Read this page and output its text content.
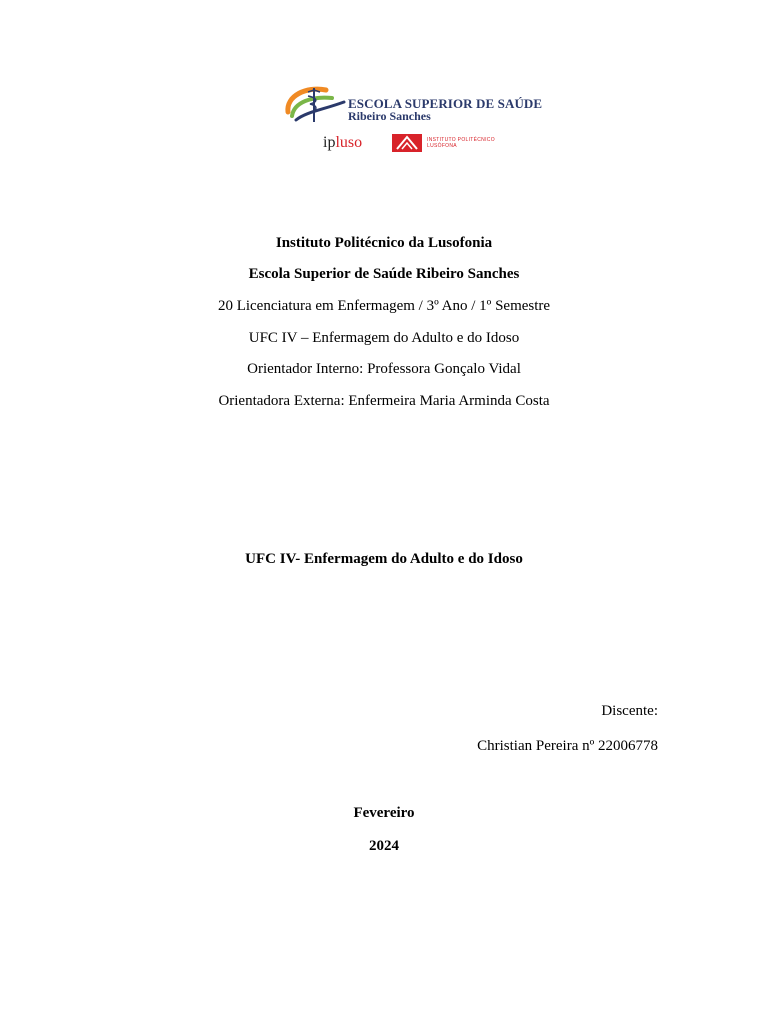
ESCOLA SUPERIOR DE SAÚDE
Ribeiro Sanches
ipluso	INSTITUTO POLITÉCNICO
LUSÓFONA
Instituto Politécnico da Lusofonia
Escola Superior de Saúde Ribeiro Sanches
20 Licenciatura em Enfermagem / 3º Ano / 1º Semestre
UFC IV – Enfermagem do Adulto e do Idoso
Orientador Interno: Professora Gonçalo Vidal
Orientadora Externa: Enfermeira Maria Arminda Costa
UFC IV- Enfermagem do Adulto e do Idoso
Discente:
Christian Pereira nº 22006778
Fevereiro
2024
